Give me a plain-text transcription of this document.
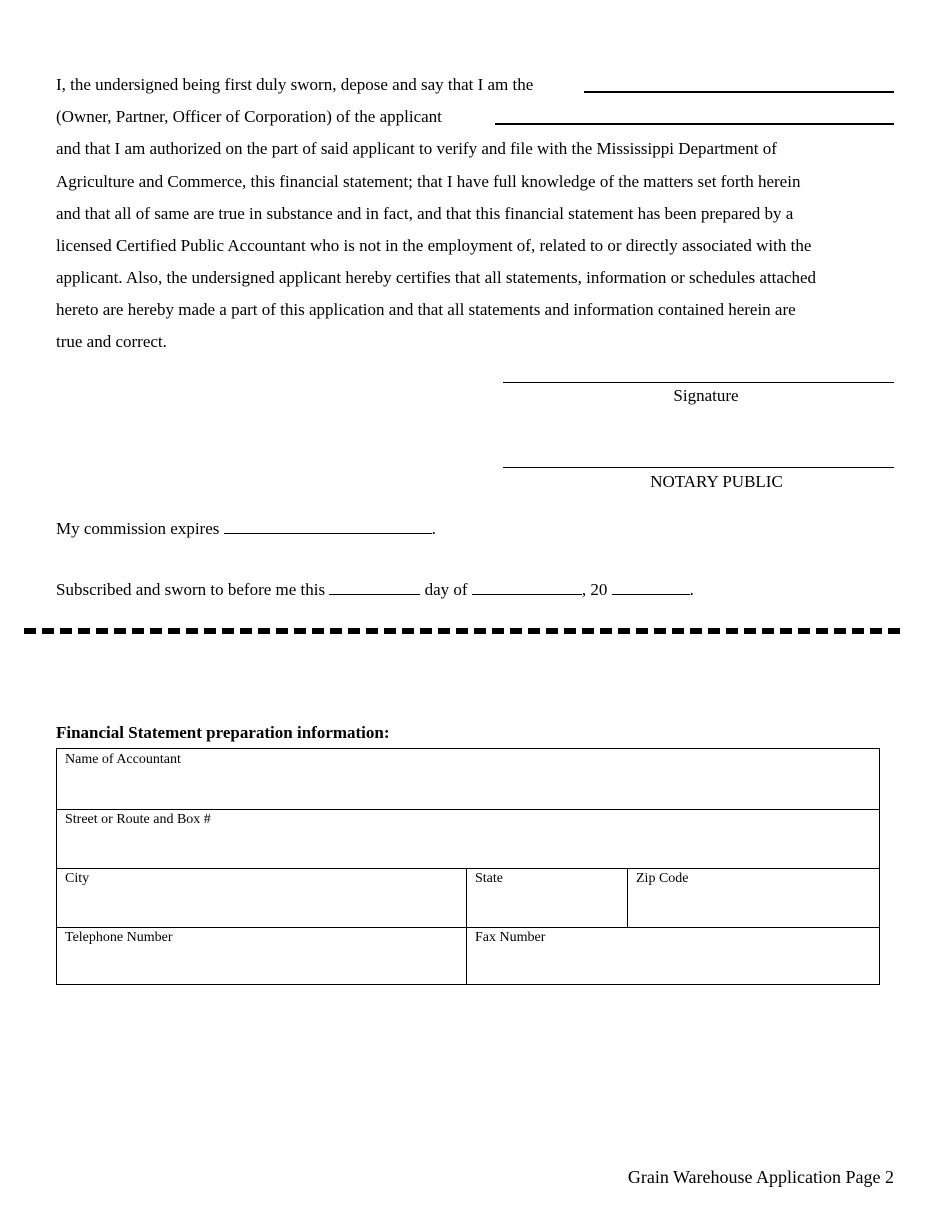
I, the undersigned being first duly sworn, depose and say that I am the
(Owner, Partner, Officer of Corporation) of the applicant
and that I am authorized on the part of said applicant to verify and file with the Mississippi Department of
Agriculture and Commerce, this financial statement; that I have full knowledge of the matters set forth herein
and that all of same are true in substance and in fact, and that this financial statement has been prepared by a
licensed Certified Public Accountant who is not in the employment of, related to or directly associated with the
applicant. Also, the undersigned applicant hereby certifies that all statements, information or schedules attached
hereto are hereby made a part of this application and that all statements and information contained herein are
true and correct.
Signature
NOTARY PUBLIC
My commission expires	.
Subscribed and sworn to before me this	day of	, 20	.
Financial Statement preparation information:
Name of Accountant
Street or Route and Box #
City	State	Zip Code
Telephone Number	Fax Number
Grain Warehouse Application Page 2
